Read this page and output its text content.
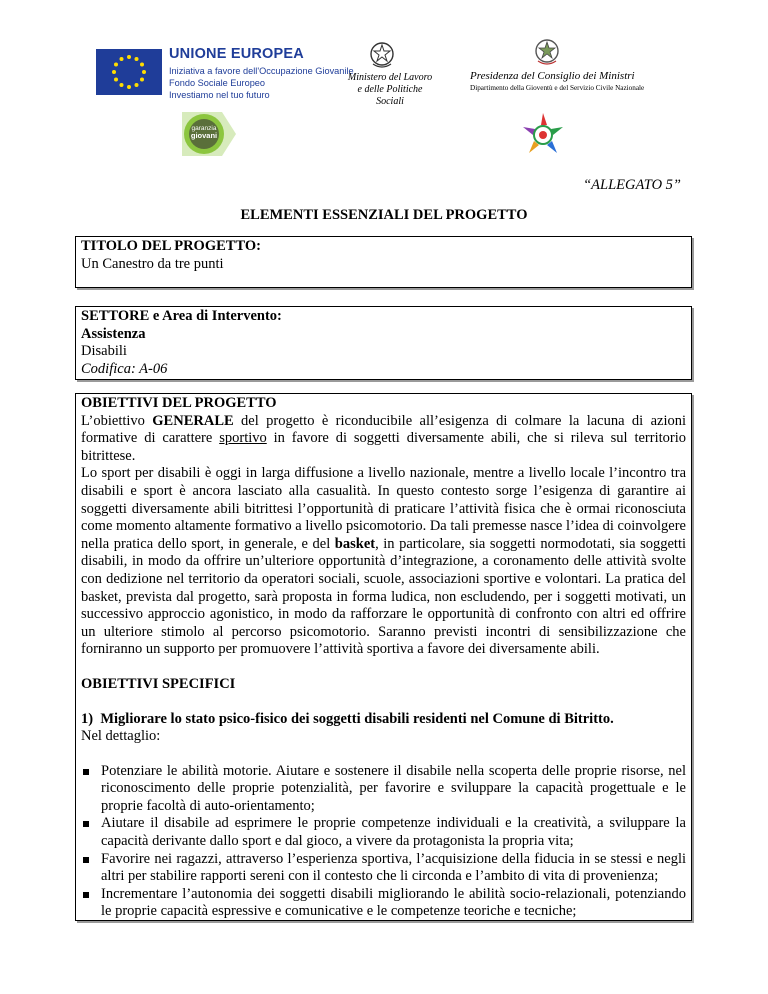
UNIONE EUROPEA
Iniziativa a favore dell'Occupazione Giovanile
Fondo Sociale Europeo
Investiamo nel tuo futuro
Ministero del Lavoro
e delle Politiche Sociali
Presidenza del Consiglio dei Ministri
Dipartimento della Gioventù e del Servizio Civile Nazionale
garanzia
giovani
“ALLEGATO 5”
ELEMENTI ESSENZIALI DEL PROGETTO

TITOLO DEL PROGETTO:

Un Canestro da tre punti

SETTORE e Area di Intervento:

Assistenza

Disabili

Codifica: A-06

OBIETTIVI DEL PROGETTO

L’obiettivo GENERALE del progetto è riconducibile all’esigenza di colmare la lacuna di azioni formative di carattere sportivo in favore di soggetti diversamente abili, che si rileva sul territorio bitrittese.

Lo sport per disabili è oggi in larga diffusione a livello nazionale, mentre a livello locale l’incontro tra disabili e sport è ancora lasciato alla casualità. In questo contesto sorge l’esigenza di garantire ai soggetti diversamente abili bitrittesi l’opportunità di praticare l’attività fisica che è ormai riconosciuta come momento altamente formativo a livello psicomotorio. Da tali premesse nasce l’idea di coinvolgere nella pratica dello sport, in generale, e del basket, in particolare, sia soggetti normodotati, sia soggetti disabili, in modo da offrire un’ulteriore opportunità d’integrazione, a coronamento delle attività svolte con dedizione nel territorio da operatori sociali, scuole, associazioni sportive e volontari. La pratica del basket, prevista dal progetto, sarà proposta in forma ludica, non escludendo, per i soggetti motivati, un successivo approccio agonistico, in modo da rafforzare le opportunità di confronto con altri ed offrire un ulteriore stimolo al percorso psicomotorio. Saranno previsti incontri di sensibilizzazione che forniranno un supporto per promuovere l’attività sportiva a favore dei diversamente abili.

OBIETTIVI SPECIFICI

1) Migliorare lo stato psico-fisico dei soggetti disabili residenti nel Comune di Bitritto.

Nel dettaglio:

Potenziare le abilità motorie. Aiutare e sostenere il disabile nella scoperta delle proprie risorse, nel riconoscimento delle proprie potenzialità, per favorire e sviluppare la capacità progettuale e le proprie facoltà di auto-orientamento;
Aiutare il disabile ad esprimere le proprie competenze individuali e la creatività, a sviluppare la capacità derivante dallo sport e dal gioco, a vivere da protagonista la propria vita;
Favorire nei ragazzi, attraverso l’esperienza sportiva, l’acquisizione della fiducia in se stessi e negli altri per stabilire rapporti sereni con il contesto che li circonda e l’ambito di vita di provenienza;
Incrementare l’autonomia dei soggetti disabili migliorando le abilità socio-relazionali, potenziando le proprie capacità espressive e comunicative e le competenze teoriche e tecniche;
